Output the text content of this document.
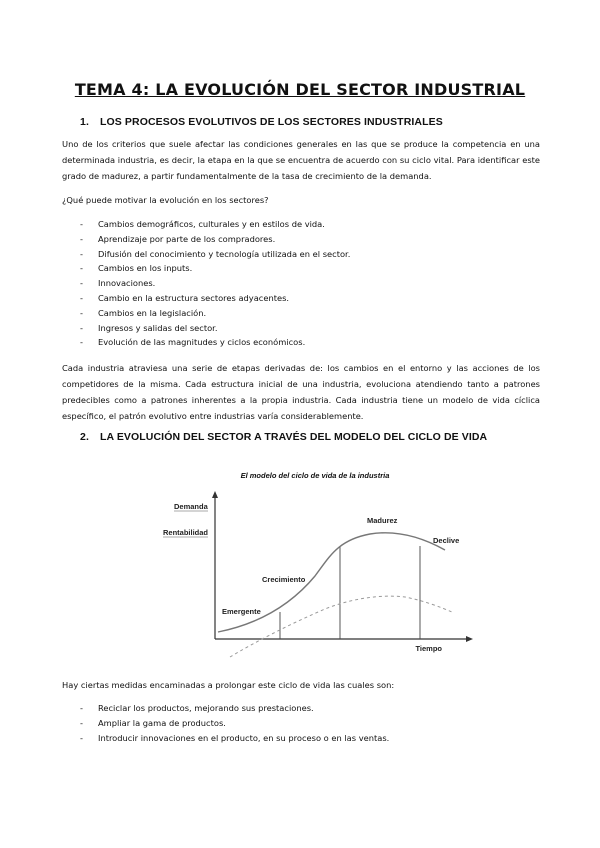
TEMA 4: LA EVOLUCIÓN DEL SECTOR INDUSTRIAL
1. LOS PROCESOS EVOLUTIVOS DE LOS SECTORES INDUSTRIALES
Uno de los criterios que suele afectar las condiciones generales en las que se produce la competencia en una determinada industria, es decir, la etapa en la que se encuentra de acuerdo con su ciclo vital. Para identificar este grado de madurez, a partir fundamentalmente de la tasa de crecimiento de la demanda.
¿Qué puede motivar la evolución en los sectores?
- Cambios demográficos, culturales y en estilos de vida.
- Aprendizaje por parte de los compradores.
- Difusión del conocimiento y tecnología utilizada en el sector.
- Cambios en los inputs.
- Innovaciones.
- Cambio en la estructura sectores adyacentes.
- Cambios en la legislación.
- Ingresos y salidas del sector.
- Evolución de las magnitudes y ciclos económicos.
Cada industria atraviesa una serie de etapas derivadas de: los cambios en el entorno y las acciones de los competidores de la misma. Cada estructura inicial de una industria, evoluciona atendiendo tanto a patrones predecibles como a patrones inherentes a la propia industria. Cada industria tiene un modelo de vida cíclica específico, el patrón evolutivo entre industrias varía considerablemente.
2. LA EVOLUCIÓN DEL SECTOR A TRAVÉS DEL MODELO DEL CICLO DE VIDA
El modelo del ciclo de vida de la industria
Demanda
Rentabilidad
Tiempo
Emergente
Crecimiento
Madurez
Declive
Hay ciertas medidas encaminadas a prolongar este ciclo de vida las cuales son:
- Reciclar los productos, mejorando sus prestaciones.
- Ampliar la gama de productos.
- Introducir innovaciones en el producto, en su proceso o en las ventas.
